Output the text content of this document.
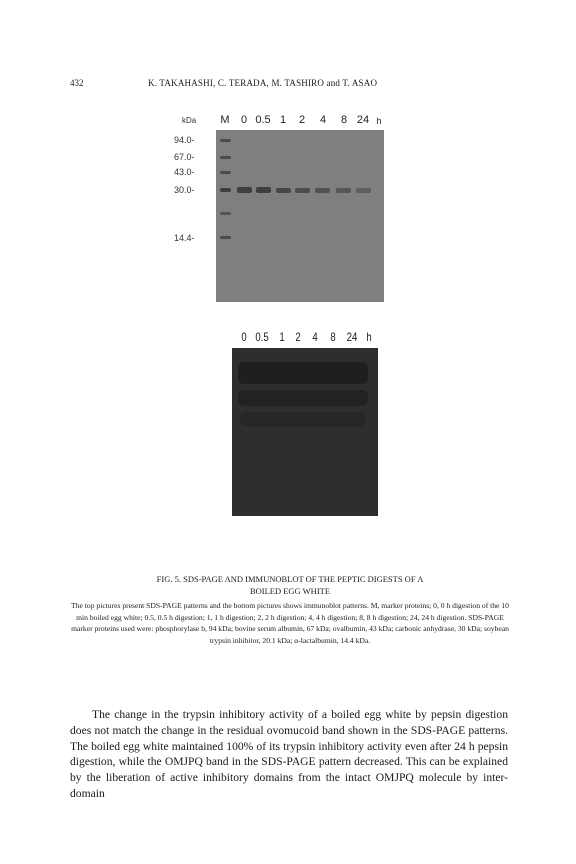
432	K. TAKAHASHI, C. TERADA, M. TASHIRO and T. ASAO
kDa M 0 0.5 1 2 4 8 24 h
94.0-
67.0-
43.0-
30.0-
14.4-
0 0.5 1 2 4 8 24 h
FIG. 5. SDS-PAGE AND IMMUNOBLOT OF THE PEPTIC DIGESTS OF A
BOILED EGG WHITE
The top pictures present SDS-PAGE patterns and the bottom pictures shows immunoblot patterns. M, marker proteins; 0, 0 h digestion of the 10 min boiled egg white; 0.5, 0.5 h digestion; 1, 1 h digestion; 2, 2 h digestion; 4, 4 h digestion; 8, 8 h digestion; 24, 24 h digestion. SDS-PAGE marker proteins used were: phosphorylase b, 94 kDa; bovine serum albumin, 67 kDa; ovalbumin, 43 kDa; carbonic anhydrase, 30 kDa; soybean trypsin inhibitor, 20.1 kDa; α-lactalbumin, 14.4 kDa.

The change in the trypsin inhibitory activity of a boiled egg white by pepsin digestion does not match the change in the residual ovomucoid band shown in the SDS-PAGE patterns. The boiled egg white maintained 100% of its trypsin inhibitory activity even after 24 h pepsin digestion, while the OMJPQ band in the SDS-PAGE pattern decreased. This can be explained by the liberation of active inhibitory domains from the intact OMJPQ molecule by inter-domain
